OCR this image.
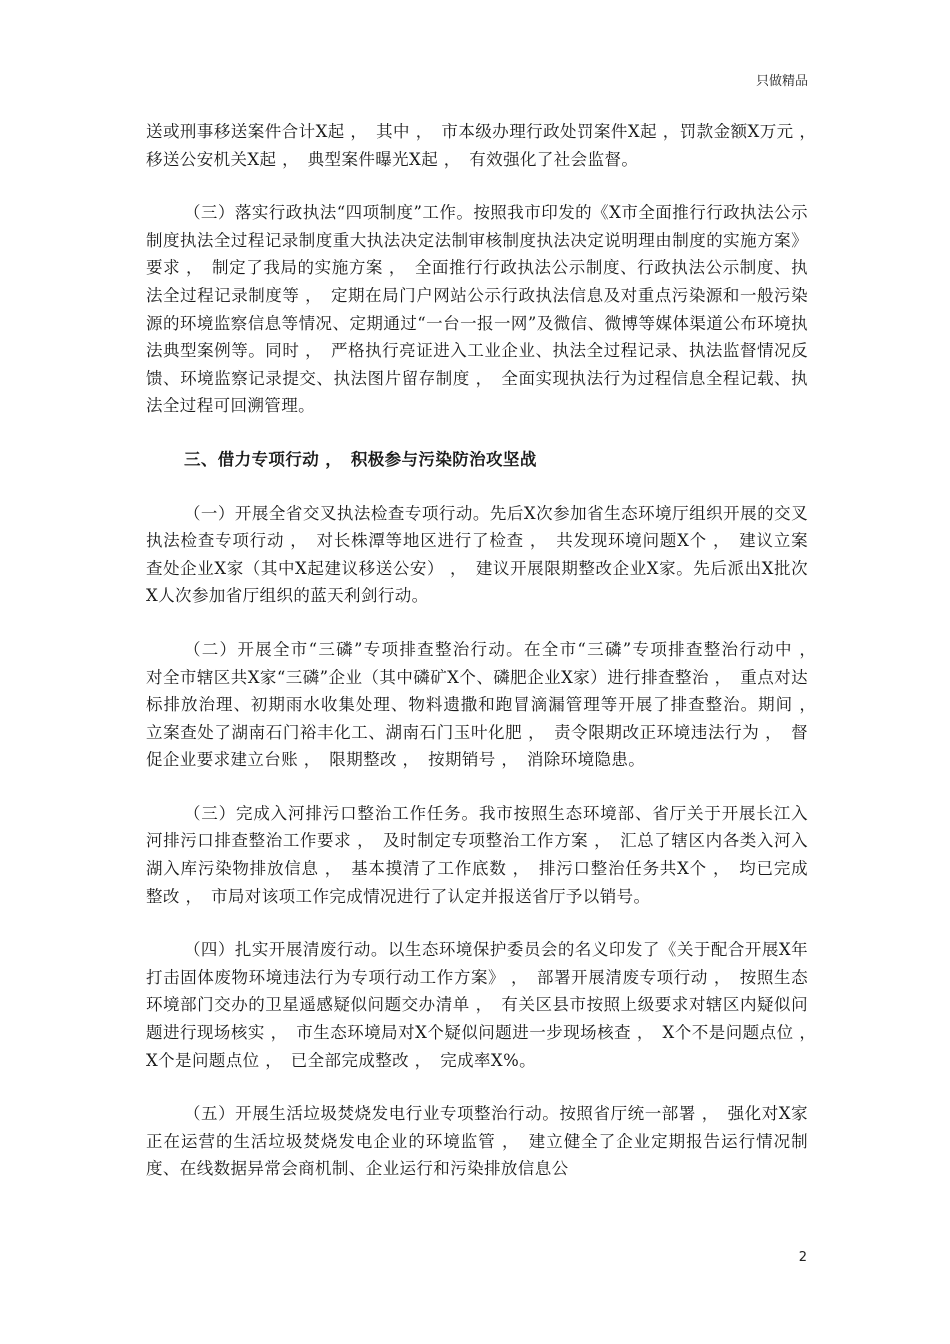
只做精品

送或刑事移送案件合计X起 ，　其中 ，　市本级办理行政处罚案件X起 ，罚款金额X万元 ，　移送公安机关X起 ，　典型案件曝光X起 ，　有效强化了社会监督。

（三）落实行政执法“四项制度”工作。按照我市印发的《X市全面推行行政执法公示制度执法全过程记录制度重大执法决定法制审核制度执法决定说明理由制度的实施方案》要求 ，　制定了我局的实施方案 ，　全面推行行政执法公示制度、行政执法公示制度、执法全过程记录制度等 ，　定期在局门户网站公示行政执法信息及对重点污染源和一般污染源的环境监察信息等情况、定期通过“一台一报一网”及微信、微博等媒体渠道公布环境执法典型案例等。同时 ，　严格执行亮证进入工业企业、执法全过程记录、执法监督情况反馈、环境监察记录提交、执法图片留存制度 ，　全面实现执法行为过程信息全程记载、执法全过程可回溯管理。

三、借力专项行动 ，　积极参与污染防治攻坚战

（一）开展全省交叉执法检查专项行动。先后X次参加省生态环境厅组织开展的交叉执法检查专项行动 ，　对长株潭等地区进行了检查 ，　共发现环境问题X个 ，　建议立案查处企业X家（其中X起建议移送公安） ，　建议开展限期整改企业X家。先后派出X批次X人次参加省厅组织的蓝天利剑行动。

（二）开展全市“三磷”专项排查整治行动。在全市“三磷”专项排查整治行动中 ，　对全市辖区共X家“三磷”企业（其中磷矿X个、磷肥企业X家）进行排查整治 ，　重点对达标排放治理、初期雨水收集处理、物料遗撒和跑冒滴漏管理等开展了排查整治。期间 ，　立案查处了湖南石门裕丰化工、湖南石门玉叶化肥 ，　责令限期改正环境违法行为 ，　督促企业要求建立台账 ，　限期整改 ，　按期销号 ，　消除环境隐患。

（三）完成入河排污口整治工作任务。我市按照生态环境部、省厅关于开展长江入河排污口排查整治工作要求 ，　及时制定专项整治工作方案 ，　汇总了辖区内各类入河入湖入库污染物排放信息 ，　基本摸清了工作底数 ，　排污口整治任务共X个 ，　均已完成整改 ，　市局对该项工作完成情况进行了认定并报送省厅予以销号。

（四）扎实开展清废行动。以生态环境保护委员会的名义印发了《关于配合开展X年打击固体废物环境违法行为专项行动工作方案》 ，　部署开展清废专项行动 ，　按照生态环境部门交办的卫星遥感疑似问题交办清单 ，　有关区县市按照上级要求对辖区内疑似问题进行现场核实 ，　市生态环境局对X个疑似问题进一步现场核查 ，　X个不是问题点位 ，　X个是问题点位 ，　已全部完成整改 ，　完成率X%。

（五）开展生活垃圾焚烧发电行业专项整治行动。按照省厅统一部署 ，　强化对X家正在运营的生活垃圾焚烧发电企业的环境监管 ，　建立健全了企业定期报告运行情况制度、在线数据异常会商机制、企业运行和污染排放信息公

2
